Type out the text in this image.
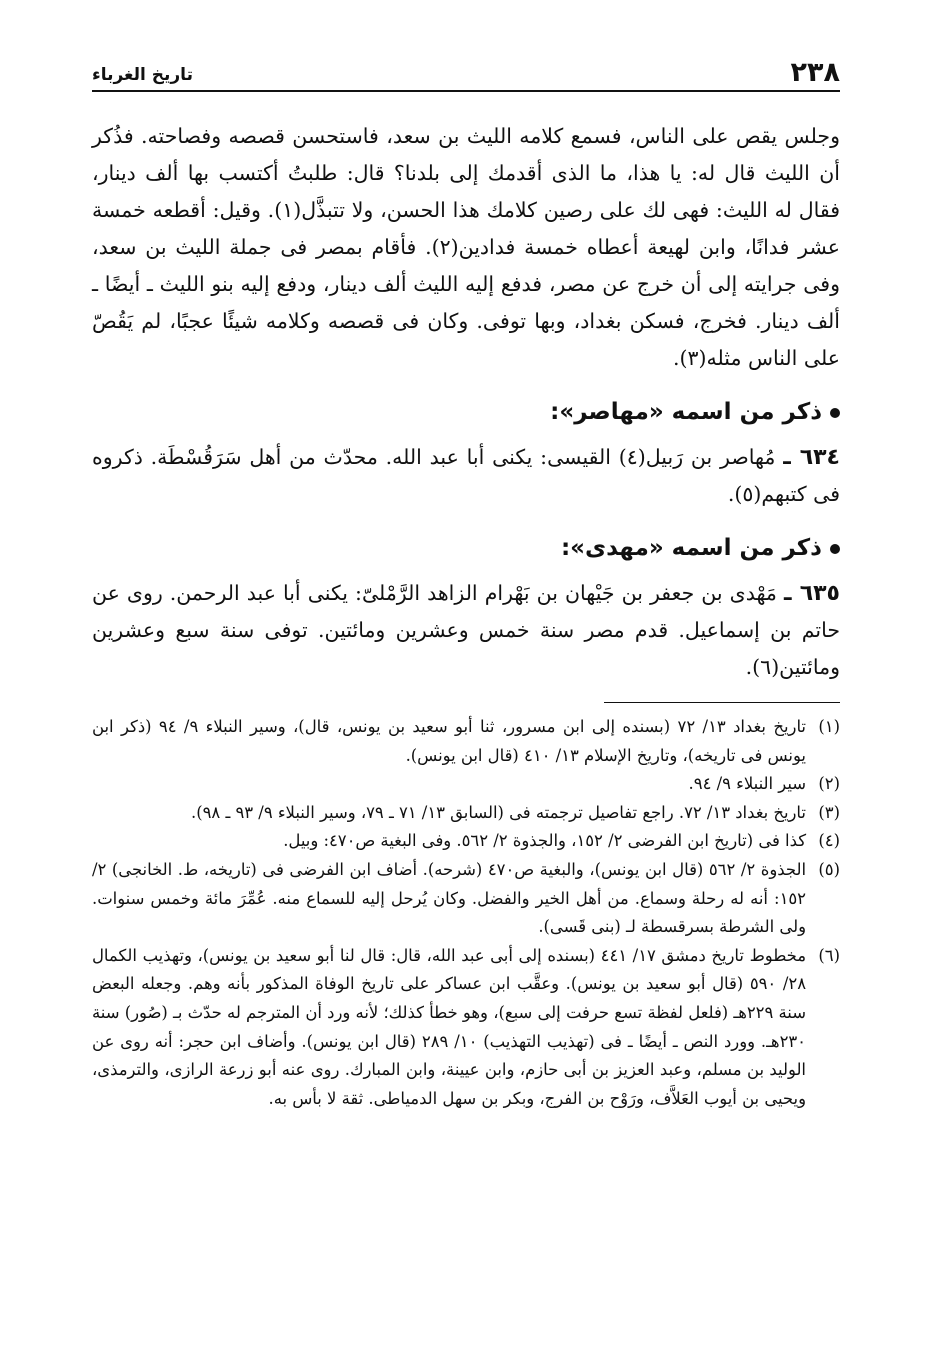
٢٣٨
تاريخ الغرباء

وجلس يقص على الناس، فسمع كلامه الليث بن سعد، فاستحسن قصصه وفصاحته. فذُكر أن الليث قال له: يا هذا، ما الذى أقدمك إلى بلدنا؟ قال: طلبتُ أكتسب بها ألف دينار، فقال له الليث: فهى لك على رصين كلامك هذا الحسن، ولا تتبذَّل(١). وقيل: أقطعه خمسة عشر فدانًا، وابن لهيعة أعطاه خمسة فدادين(٢). فأقام بمصر فى جملة الليث بن سعد، وفى جرايته إلى أن خرج عن مصر، فدفع إليه الليث ألف دينار، ودفع إليه بنو الليث ـ أيضًا ـ ألف دينار. فخرج، فسكن بغداد، وبها توفى. وكان فى قصصه وكلامه شيئًا عجبًا، لم يَقُصّ على الناس مثله(٣).

ذكر من اسمه «مهاصر»:

٦٣٤ ـ مُهاصر بن رَبيل(٤) القيسى: يكنى أبا عبد الله. محدّث من أهل سَرَقُسْطَة. ذكروه فى كتبهم(٥).

ذكر من اسمه «مهدى»:

٦٣٥ ـ مَهْدى بن جعفر بن جَيْهان بن بَهْرام الزاهد الرَّمْلىّ: يكنى أبا عبد الرحمن. روى عن حاتم بن إسماعيل. قدم مصر سنة خمس وعشرين ومائتين. توفى سنة سبع وعشرين ومائتين(٦).

(١)
تاريخ بغداد ١٣/ ٧٢ (بسنده إلى ابن مسرور، ثنا أبو سعيد بن يونس، قال)، وسير النبلاء ٩/ ٩٤ (ذكر ابن يونس فى تاريخه)، وتاريخ الإسلام ١٣/ ٤١٠ (قال ابن يونس).

(٢)
سير النبلاء ٩/ ٩٤.

(٣)
تاريخ بغداد ١٣/ ٧٢. راجع تفاصيل ترجمته فى (السابق ١٣/ ٧١ ـ ٧٩، وسير النبلاء ٩/ ٩٣ ـ ٩٨).

(٤)
كذا فى (تاريخ ابن الفرضى ٢/ ١٥٢، والجذوة ٢/ ٥٦٢. وفى البغية ص٤٧٠: وبيل.

(٥)
الجذوة ٢/ ٥٦٢ (قال ابن يونس)، والبغية ص٤٧٠ (شرحه). أضاف ابن الفرضى فى (تاريخه، ط. الخانجى) ٢/ ١٥٢: أنه له رحلة وسماع. من أهل الخير والفضل. وكان يُرحل إليه للسماع منه. عُمِّرَ مائة وخمس سنوات. ولى الشرطة بسرقسطة لـ (بنى قَسى).

(٦)
مخطوط تاريخ دمشق ١٧/ ٤٤١ (بسنده إلى أبى عبد الله، قال: قال لنا أبو سعيد بن يونس)، وتهذيب الكمال ٢٨/ ٥٩٠ (قال أبو سعيد بن يونس). وعقَّب ابن عساكر على تاريخ الوفاة المذكور بأنه وهم. وجعله البعض سنة ٢٢٩هـ (فلعل لفظة تسع حرفت إلى سبع)، وهو خطأ كذلك؛ لأنه ورد أن المترجم له حدّث بـ (صُور) سنة ٢٣٠هـ. وورد النص ـ أيضًا ـ فى (تهذيب التهذيب) ١٠/ ٢٨٩ (قال ابن يونس). وأضاف ابن حجر: أنه روى عن الوليد بن مسلم، وعبد العزيز بن أبى حازم، وابن عيينة، وابن المبارك. روى عنه أبو زرعة الرازى، والترمذى، ويحيى بن أيوب العَلاَّف، ورَوْح بن الفرج، وبكر بن سهل الدمياطى. ثقة لا بأس به.
